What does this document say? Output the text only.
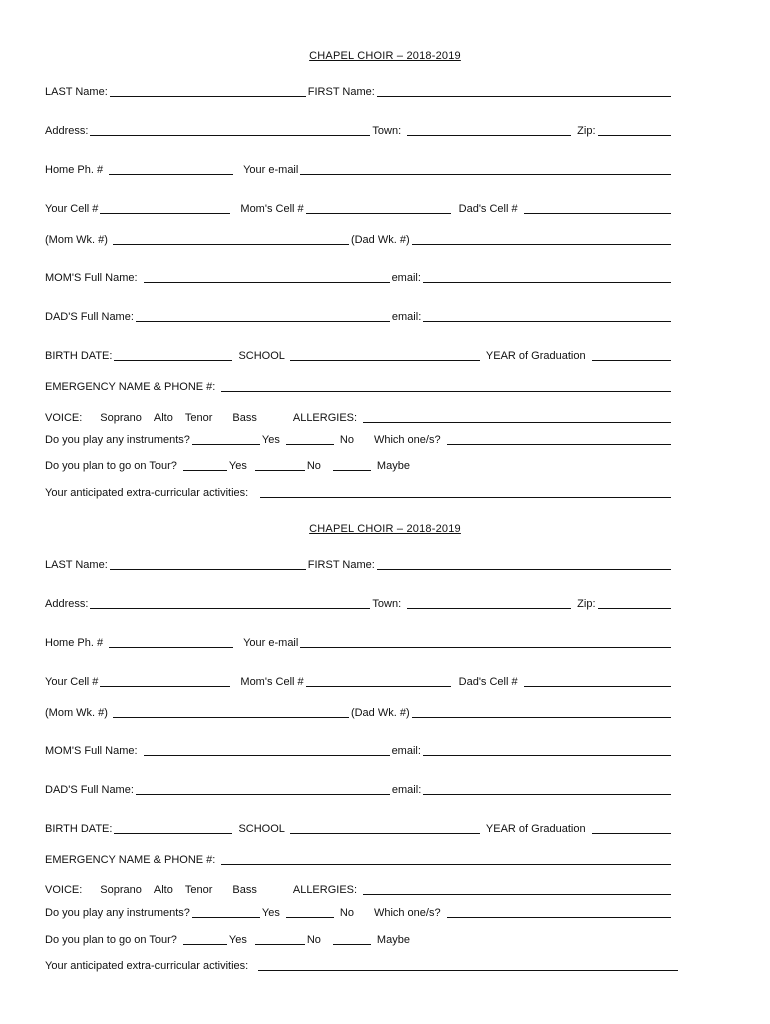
CHAPEL CHOIR – 2018-2019
LAST Name:	FIRST Name:
Address:	Town:	Zip:
Home Ph. #	Your e-mail
Your Cell #	Mom's Cell #	Dad's Cell #
(Mom Wk. #)	(Dad Wk. #)
MOM'S Full Name:	email:
DAD'S Full Name:	email:
BIRTH DATE:	SCHOOL	YEAR of Graduation
EMERGENCY NAME & PHONE #:
VOICE: Soprano Alto Tenor Bass	ALLERGIES:
Do you play any instruments?	Yes	No Which one/s?
Do you plan to go on Tour?	Yes	No	Maybe
Your anticipated extra-curricular activities:
CHAPEL CHOIR – 2018-2019
LAST Name:	FIRST Name:
Address:	Town:	Zip:
Home Ph. #	Your e-mail
Your Cell #	Mom's Cell #	Dad's Cell #
(Mom Wk. #)	(Dad Wk. #)
MOM'S Full Name:	email:
DAD'S Full Name:	email:
BIRTH DATE:	SCHOOL	YEAR of Graduation
EMERGENCY NAME & PHONE #:
VOICE: Soprano Alto Tenor Bass	ALLERGIES:
Do you play any instruments?	Yes	No Which one/s?
Do you plan to go on Tour?	Yes	No	Maybe
Your anticipated extra-curricular activities:
